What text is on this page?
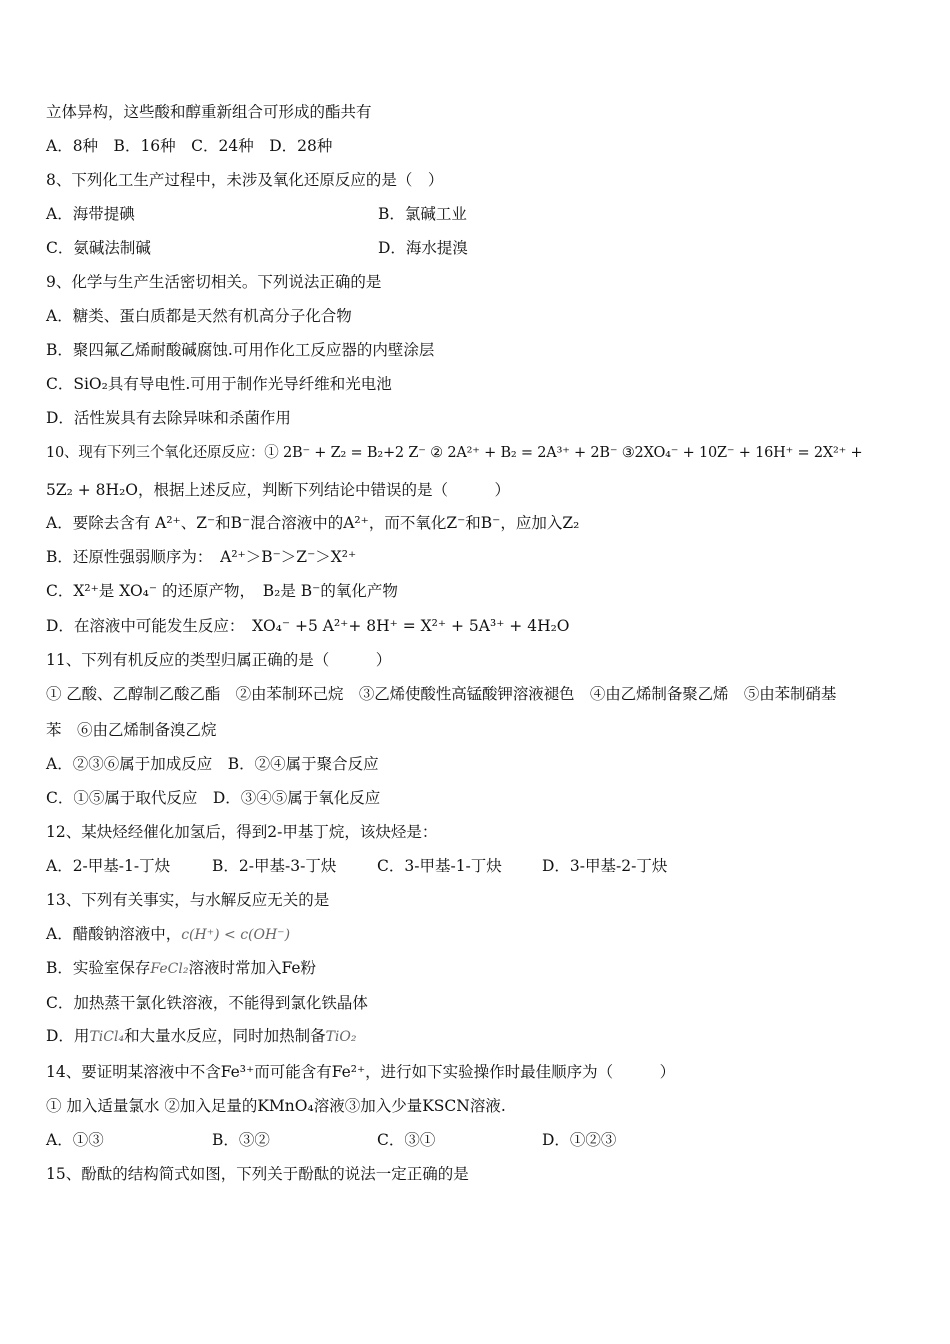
立体异构，这些酸和醇重新组合可形成的酯共有
A．8种　B．16种　C．24种　D．28种
8、下列化工生产过程中，未涉及氧化还原反应的是（　）
A．海带提碘	B．氯碱工业
C．氨碱法制碱	D．海水提溴
9、化学与生产生活密切相关。下列说法正确的是
A．糖类、蛋白质都是天然有机高分子化合物
B．聚四氟乙烯耐酸碱腐蚀.可用作化工反应器的内壁涂层
C．SiO₂具有导电性.可用于制作光导纤维和光电池
D．活性炭具有去除异味和杀菌作用
10、现有下列三个氧化还原反应：① 2B⁻ + Z₂ = B₂+2 Z⁻ ② 2A²⁺ + B₂ = 2A³⁺ + 2B⁻ ③2XO₄⁻ + 10Z⁻ + 16H⁺ = 2X²⁺ +
5Z₂ + 8H₂O，根据上述反应，判断下列结论中错误的是（　　　）
A．要除去含有 A²⁺、Z⁻和B⁻混合溶液中的A²⁺，而不氧化Z⁻和B⁻，应加入Z₂
B．还原性强弱顺序为：　A²⁺＞B⁻＞Z⁻＞X²⁺
C．X²⁺是 XO₄⁻ 的还原产物，　B₂是 B⁻的氧化产物
D．在溶液中可能发生反应：　XO₄⁻ +5 A²⁺+ 8H⁺ = X²⁺ + 5A³⁺ + 4H₂O
11、下列有机反应的类型归属正确的是（　　　）
① 乙酸、乙醇制乙酸乙酯　②由苯制环己烷　③乙烯使酸性高锰酸钾溶液褪色　④由乙烯制备聚乙烯　⑤由苯制硝基
苯　⑥由乙烯制备溴乙烷
A．②③⑥属于加成反应　B．②④属于聚合反应
C．①⑤属于取代反应　D．③④⑤属于氧化反应
12、某炔烃经催化加氢后，得到2-甲基丁烷，该炔烃是：
A．2-甲基-1-丁炔	B．2-甲基-3-丁炔	C．3-甲基-1-丁炔	D．3-甲基-2-丁炔
13、下列有关事实，与水解反应无关的是
A．醋酸钠溶液中，c(H⁺) < c(OH⁻)
B．实验室保存FeCl₂溶液时常加入Fe粉
C．加热蒸干氯化铁溶液，不能得到氯化铁晶体
D．用TiCl₄和大量水反应，同时加热制备TiO₂
14、要证明某溶液中不含Fe³⁺而可能含有Fe²⁺，进行如下实验操作时最佳顺序为（　　　）
① 加入适量氯水 ②加入足量的KMnO₄溶液③加入少量KSCN溶液.
A．①③	B．③②	C．③①	D．①②③
15、酚酞的结构简式如图，下列关于酚酞的说法一定正确的是
